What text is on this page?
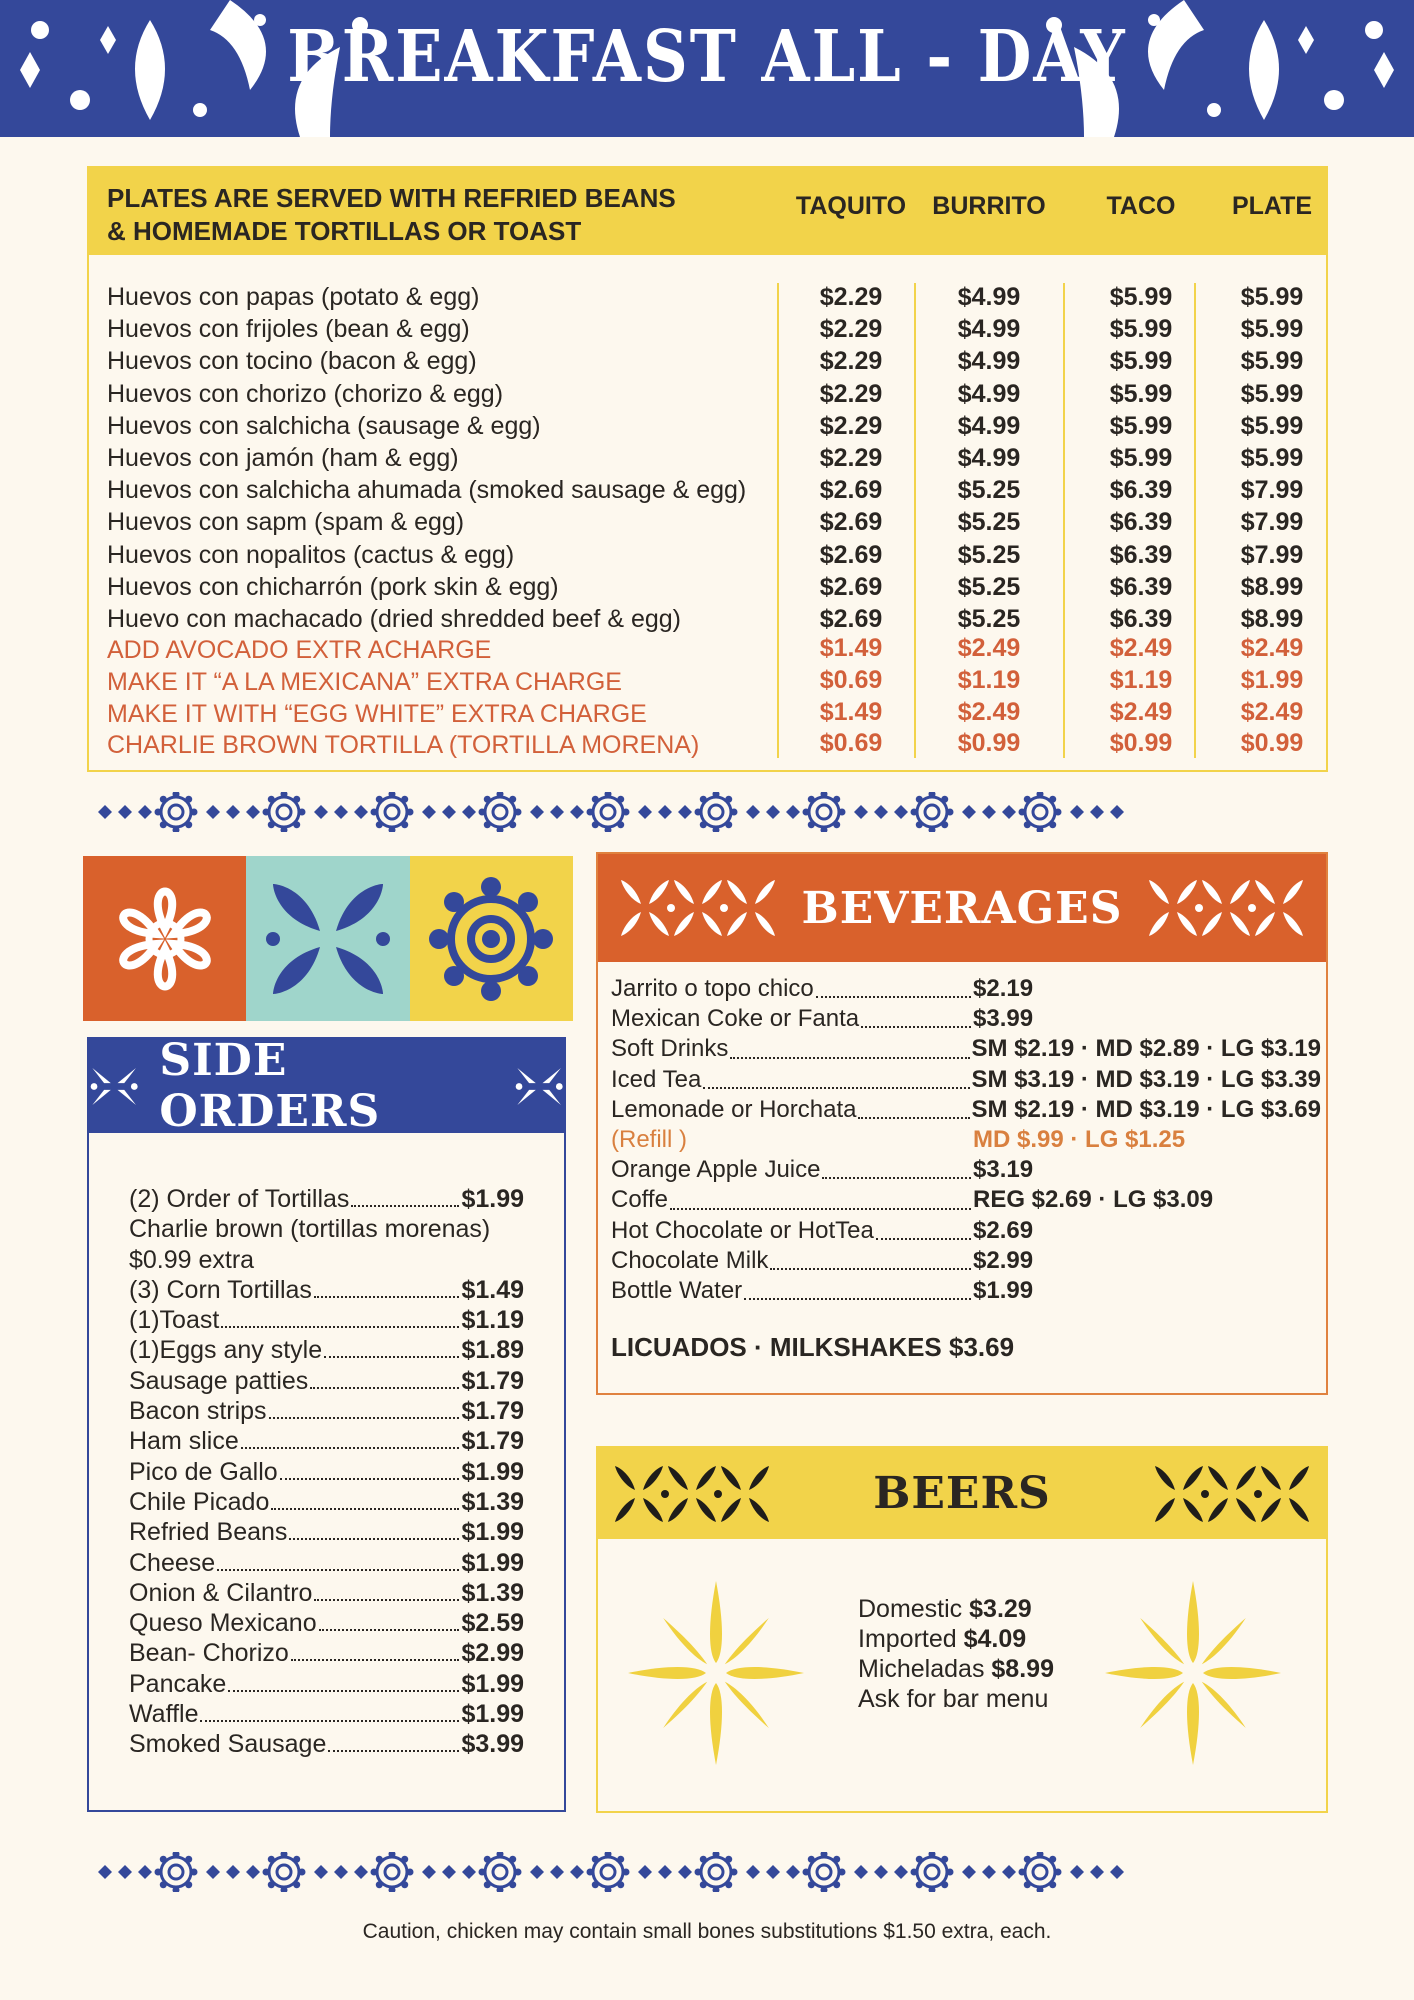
BREAKFAST ALL - DAY
PLATES ARE SERVED WITH REFRIED BEANS
& HOMEMADE TORTILLAS OR TOAST
TAQUITO	BURRITO	TACO	PLATE
Huevos con papas (potato & egg)	$2.29	$4.99	$5.99	$5.99
Huevos con frijoles (bean & egg)	$2.29	$4.99	$5.99	$5.99
Huevos con tocino (bacon & egg)	$2.29	$4.99	$5.99	$5.99
Huevos con chorizo (chorizo & egg)	$2.29	$4.99	$5.99	$5.99
Huevos con salchicha (sausage & egg)	$2.29	$4.99	$5.99	$5.99
Huevos con jamón (ham & egg)	$2.29	$4.99	$5.99	$5.99
Huevos con salchicha ahumada (smoked sausage & egg)	$2.69	$5.25	$6.39	$7.99
Huevos con sapm (spam & egg)	$2.69	$5.25	$6.39	$7.99
Huevos con nopalitos (cactus & egg)	$2.69	$5.25	$6.39	$7.99
Huevos con chicharrón (pork skin & egg)	$2.69	$5.25	$6.39	$8.99
Huevo con machacado (dried shredded beef & egg)	$2.69	$5.25	$6.39	$8.99
ADD AVOCADO EXTR ACHARGE	$1.49	$2.49	$2.49	$2.49
MAKE IT “A LA MEXICANA” EXTRA CHARGE	$0.69	$1.19	$1.19	$1.99
MAKE IT WITH “EGG WHITE” EXTRA CHARGE	$1.49	$2.49	$2.49	$2.49
CHARLIE BROWN TORTILLA (TORTILLA MORENA)	$0.69	$0.99	$0.99	$0.99
SIDE ORDERS
(2) Order of Tortillas	$1.99
Charlie brown (tortillas morenas)
$0.99 extra
(3) Corn Tortillas	$1.49
(1)Toast	$1.19
(1)Eggs any style	$1.89
Sausage patties	$1.79
Bacon strips	$1.79
Ham slice	$1.79
Pico de Gallo	$1.99
Chile Picado	$1.39
Refried Beans	$1.99
Cheese	$1.99
Onion & Cilantro	$1.39
Queso Mexicano	$2.59
Bean- Chorizo	$2.99
Pancake	$1.99
Waffle	$1.99
Smoked Sausage	$3.99
BEVERAGES
Jarrito o topo chico	$2.19
Mexican Coke or Fanta	$3.99
Soft Drinks	SM $2.19 · MD $2.89 · LG $3.19
Iced Tea	SM $3.19 · MD $3.19 · LG $3.39
Lemonade or Horchata	SM $2.19 · MD $3.19 · LG $3.69
(Refill )	MD $.99 · LG $1.25
Orange Apple Juice	$3.19
Coffe	REG $2.69 · LG $3.09
Hot Chocolate or HotTea	$2.69
Chocolate Milk	$2.99
Bottle Water	$1.99
LICUADOS · MILKSHAKES $3.69
BEERS
Domestic $3.29
Imported $4.09
Micheladas $8.99
Ask for bar menu
Caution, chicken may contain small bones substitutions $1.50 extra, each.
